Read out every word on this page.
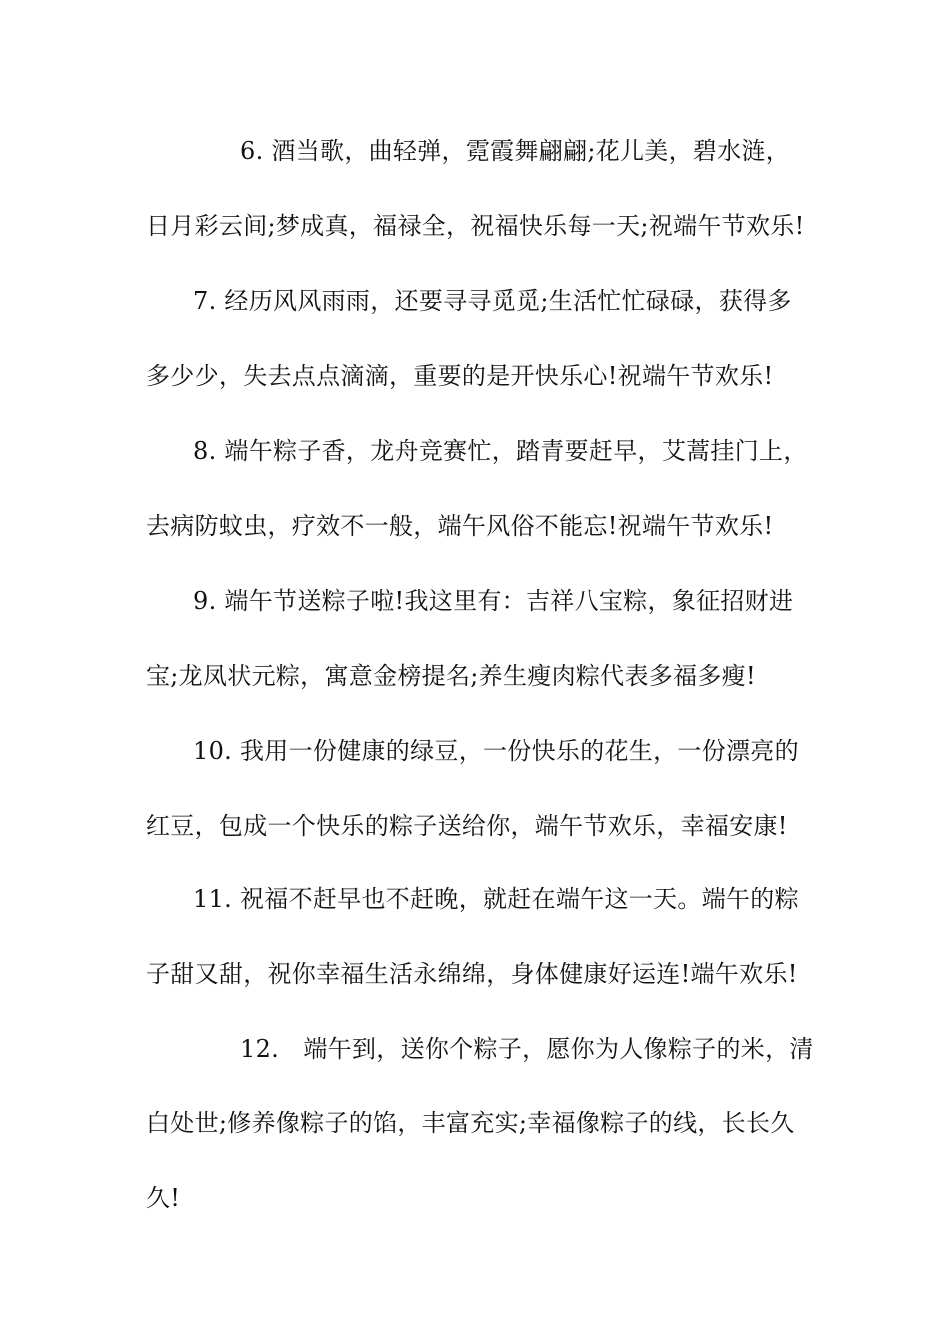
6. 酒当歌，曲轻弹，霓霞舞翩翩;花儿美，碧水涟，
日月彩云间;梦成真，福禄全，祝福快乐每一天;祝端午节欢乐!
7. 经历风风雨雨，还要寻寻觅觅;生活忙忙碌碌，获得多
多少少，失去点点滴滴，重要的是开快乐心!祝端午节欢乐!
8. 端午粽子香，龙舟竞赛忙，踏青要赶早，艾蒿挂门上，
去病防蚊虫，疗效不一般，端午风俗不能忘!祝端午节欢乐!
9. 端午节送粽子啦!我这里有：吉祥八宝粽，象征招财进
宝;龙凤状元粽，寓意金榜提名;养生瘦肉粽代表多福多瘦!
10. 我用一份健康的绿豆，一份快乐的花生，一份漂亮的
红豆，包成一个快乐的粽子送给你，端午节欢乐，幸福安康!
11. 祝福不赶早也不赶晚，就赶在端午这一天。端午的粽
子甜又甜，祝你幸福生活永绵绵，身体健康好运连!端午欢乐!
12.　端午到，送你个粽子，愿你为人像粽子的米，清
白处世;修养像粽子的馅，丰富充实;幸福像粽子的线，长长久
久!
